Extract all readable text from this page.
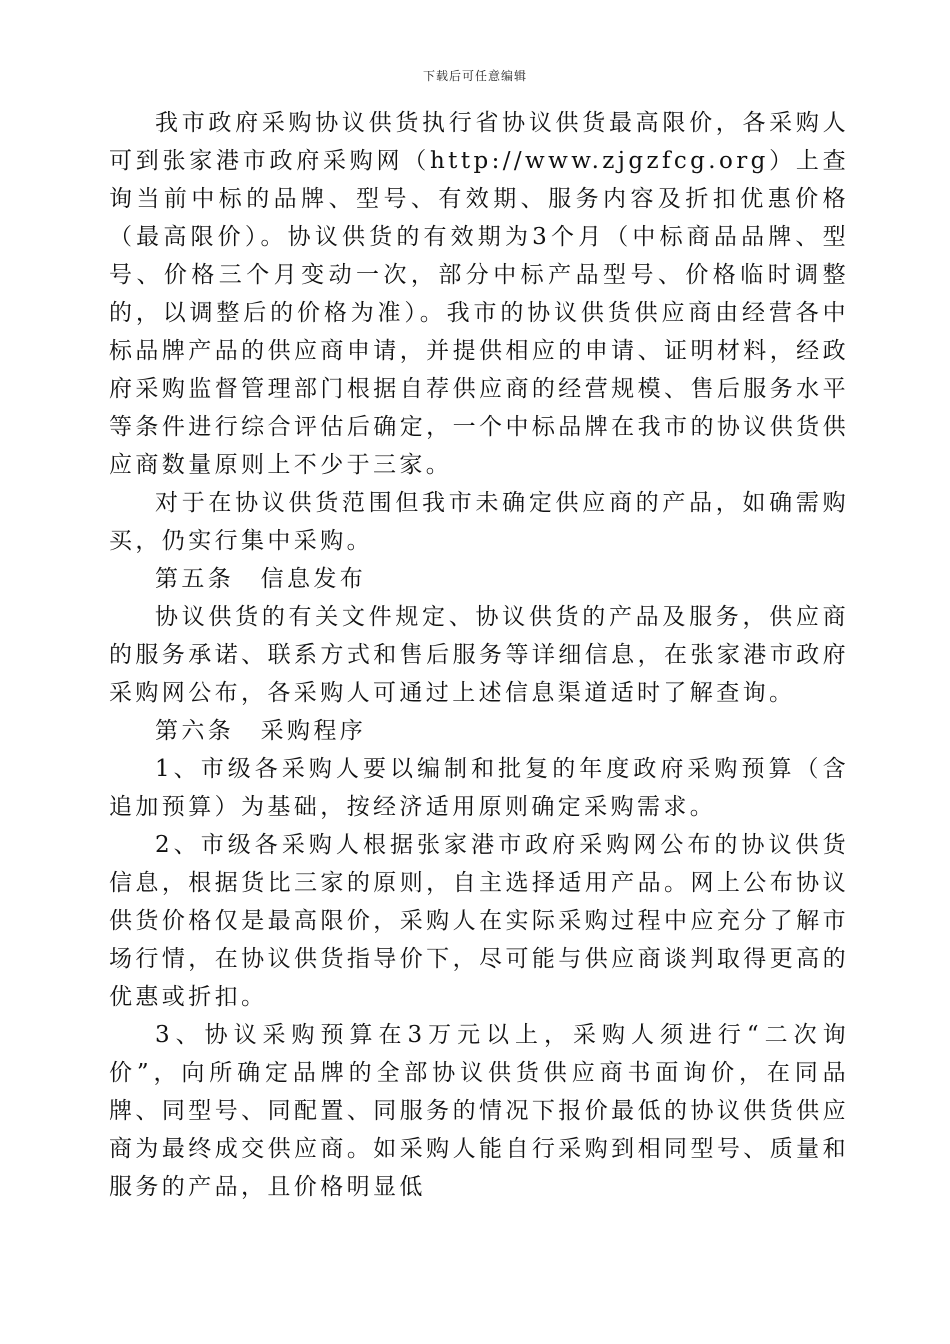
下载后可任意编辑

我市政府采购协议供货执行省协议供货最高限价，各采购人可到张家港市政府采购网（http://www.zjgzfcg.org）上查询当前中标的品牌、型号、有效期、服务内容及折扣优惠价格（最高限价）。协议供货的有效期为3个月（中标商品品牌、型号、价格三个月变动一次，部分中标产品型号、价格临时调整的，以调整后的价格为准）。我市的协议供货供应商由经营各中标品牌产品的供应商申请，并提供相应的申请、证明材料，经政府采购监督管理部门根据自荐供应商的经营规模、售后服务水平等条件进行综合评估后确定，一个中标品牌在我市的协议供货供应商数量原则上不少于三家。

对于在协议供货范围但我市未确定供应商的产品，如确需购买，仍实行集中采购。

第五条　信息发布

协议供货的有关文件规定、协议供货的产品及服务，供应商的服务承诺、联系方式和售后服务等详细信息，在张家港市政府采购网公布，各采购人可通过上述信息渠道适时了解查询。

第六条　采购程序

1、市级各采购人要以编制和批复的年度政府采购预算（含追加预算）为基础，按经济适用原则确定采购需求。

2、市级各采购人根据张家港市政府采购网公布的协议供货信息，根据货比三家的原则，自主选择适用产品。网上公布协议供货价格仅是最高限价，采购人在实际采购过程中应充分了解市场行情，在协议供货指导价下，尽可能与供应商谈判取得更高的优惠或折扣。

3、协议采购预算在3万元以上，采购人须进行“二次询价”，向所确定品牌的全部协议供货供应商书面询价，在同品牌、同型号、同配置、同服务的情况下报价最低的协议供货供应商为最终成交供应商。如采购人能自行采购到相同型号、质量和服务的产品，且价格明显低
